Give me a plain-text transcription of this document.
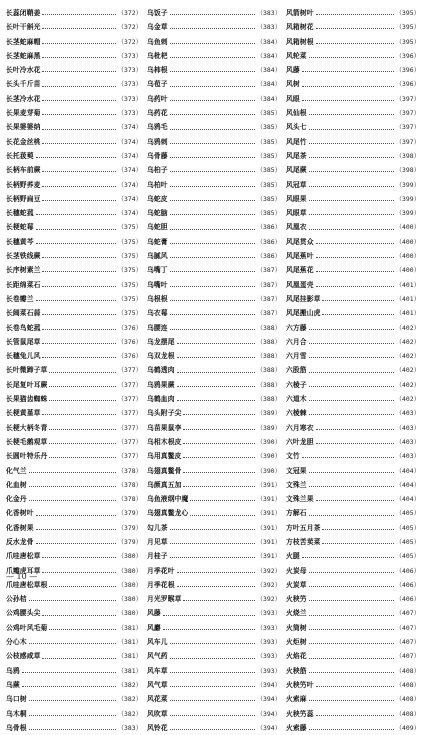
长蕊闭鞘姜	（372）
长叶干斛光	（372）
长茎蛇麻帽	（372）
长茎蛇麻黑	（373）
长叶冷水花	（373）
长头千斤苗	（373）
长茎冷水花	（373）
长果麦芽菊	（373）
长果婆婆纳	（374）
长花金丝桃	（374）
长托菝葜	（374）
长柄车前蕨	（374）
长柄野荞麦	（374）
长柄野扁豆	（374）
长穗蛇菰	（374）
长梗蛇莓	（375）
长穗黄芩	（375）
长茎铁线蕨	（375）
长序树素兰	（375）
长距绵菜石	（375）
长卷瓣兰	（375）
长阔菜石蒜	（375）
长卷鸟蛇菰	（376）
长管鼠尾草	（376）
长穗兔儿风	（376）
长叶微蹄子草	（377）
长尾复叶耳蕨	（377）
长果猫齿蜘蛛	（377）
长梗黄堇草	（377）
长梗大柄冬青	（377）
长梗毛鹅观草	（377）
长圆叶特乐丹	（377）
化气兰	（378）
化血树	（378）
化金丹	（378）
化香树叶	（379）
化香树果	（379）
反水龙骨	（379）
爪哇唐松草	（380）
爪瓣虎耳草	（380）
爪哇唐松草根	（380）
公孙桔	（380）
公鸡腰头尖	（380）
公鸡叶风毛菊	（381）
分心木	（381）
公枝感咸草	（381）
乌鸦	（381）
乌蕨	（382）
乌口树	（382）
乌木桐	（382）
乌骨根	（383）
乌饭子	（383）
乌金草	（383）
乌鱼刺	（384）
乌枇杷	（384）
乌柿根	（384）
乌苞子	（384）
乌药叶	（384）
乌药花	（385）
乌鸦毛	（385）
乌鸦刺	（385）
乌骨藤	（385）
乌桕子	（385）
乌柏叶	（385）
乌蛇皮	（385）
乌蛇脑	（385）
乌蛇胆	（386）
乌蛇膏	（386）
乌腻风	（386）
乌嘴丁	（387）
乌嘴叶	（387）
乌根根	（387）
乌衣莓	（387）
乌腰连	（388）
乌龙摆尾	（388）
乌双龙根	（388）
乌鹤透肉	（388）
乌鸦果蕨	（388）
乌鹤血肉	（388）
乌头附子尖	（389）
乌苗果鼠李	（389）
乌相木根皮	（390）
乌用真鳖皮	（390）
乌翅真鳖骨	（390）
乌颜真五加	（391）
乌鱼液纲中魔	（391）
乌翅真鳖龙心	（391）
勾儿茶	（391）
月见草	（391）
月桂子	（391）
月季花叶	（392）
月季花根	（392）
月光罗睺草	（392）
风藤	（393）
风麝	（393）
风车儿	（393）
风气药	（393）
风车草	（393）
风气草	（394）
风花菜	（394）
风吹草	（394）
风铃花	（394）
风箭树叶	（395）
风箱树花	（395）
风箱树根	（395）
风轮菜	（396）
风藤	（396）
风树	（396）
风眼	（397）
风仙根	（397）
风头七	（397）
风尾竹	（397）
风尾茶	（398）
风尾蕨	（398）
风冠草	（399）
风眼果	（399）
风眼草	（399）
风凰衣	（400）
风尾贯众	（400）
风尾蕉叶	（400）
风尾蕉花	（400）
风凰蛋壳	（401）
风尾挂影草	（401）
风尾搬山虎	（401）
六方藤	（402）
六月合	（402）
六月雪	（402）
六股筋	（402）
六棱子	（402）
六道木	（402）
六棱棘	（403）
六月寒衣	（403）
六叶龙胆	（403）
文竹	（403）
文冠果	（404）
文殊兰	（404）
文殊兰果	（404）
方解石	（405）
方叶五月茶	（405）
方枝苦荬菜	（405）
火腿	（405）
火炭母	（406）
火炭草	（406）
火秧竻	（406）
火烧兰	（407）
火筒树	（407）
火炬树	（407）
火焰花	（407）
火秧筋	（408）
火秧竻叶	（408）
火索麻	（408）
火秧竻蕊	（408）
火索藤	（409）
— 10 —
